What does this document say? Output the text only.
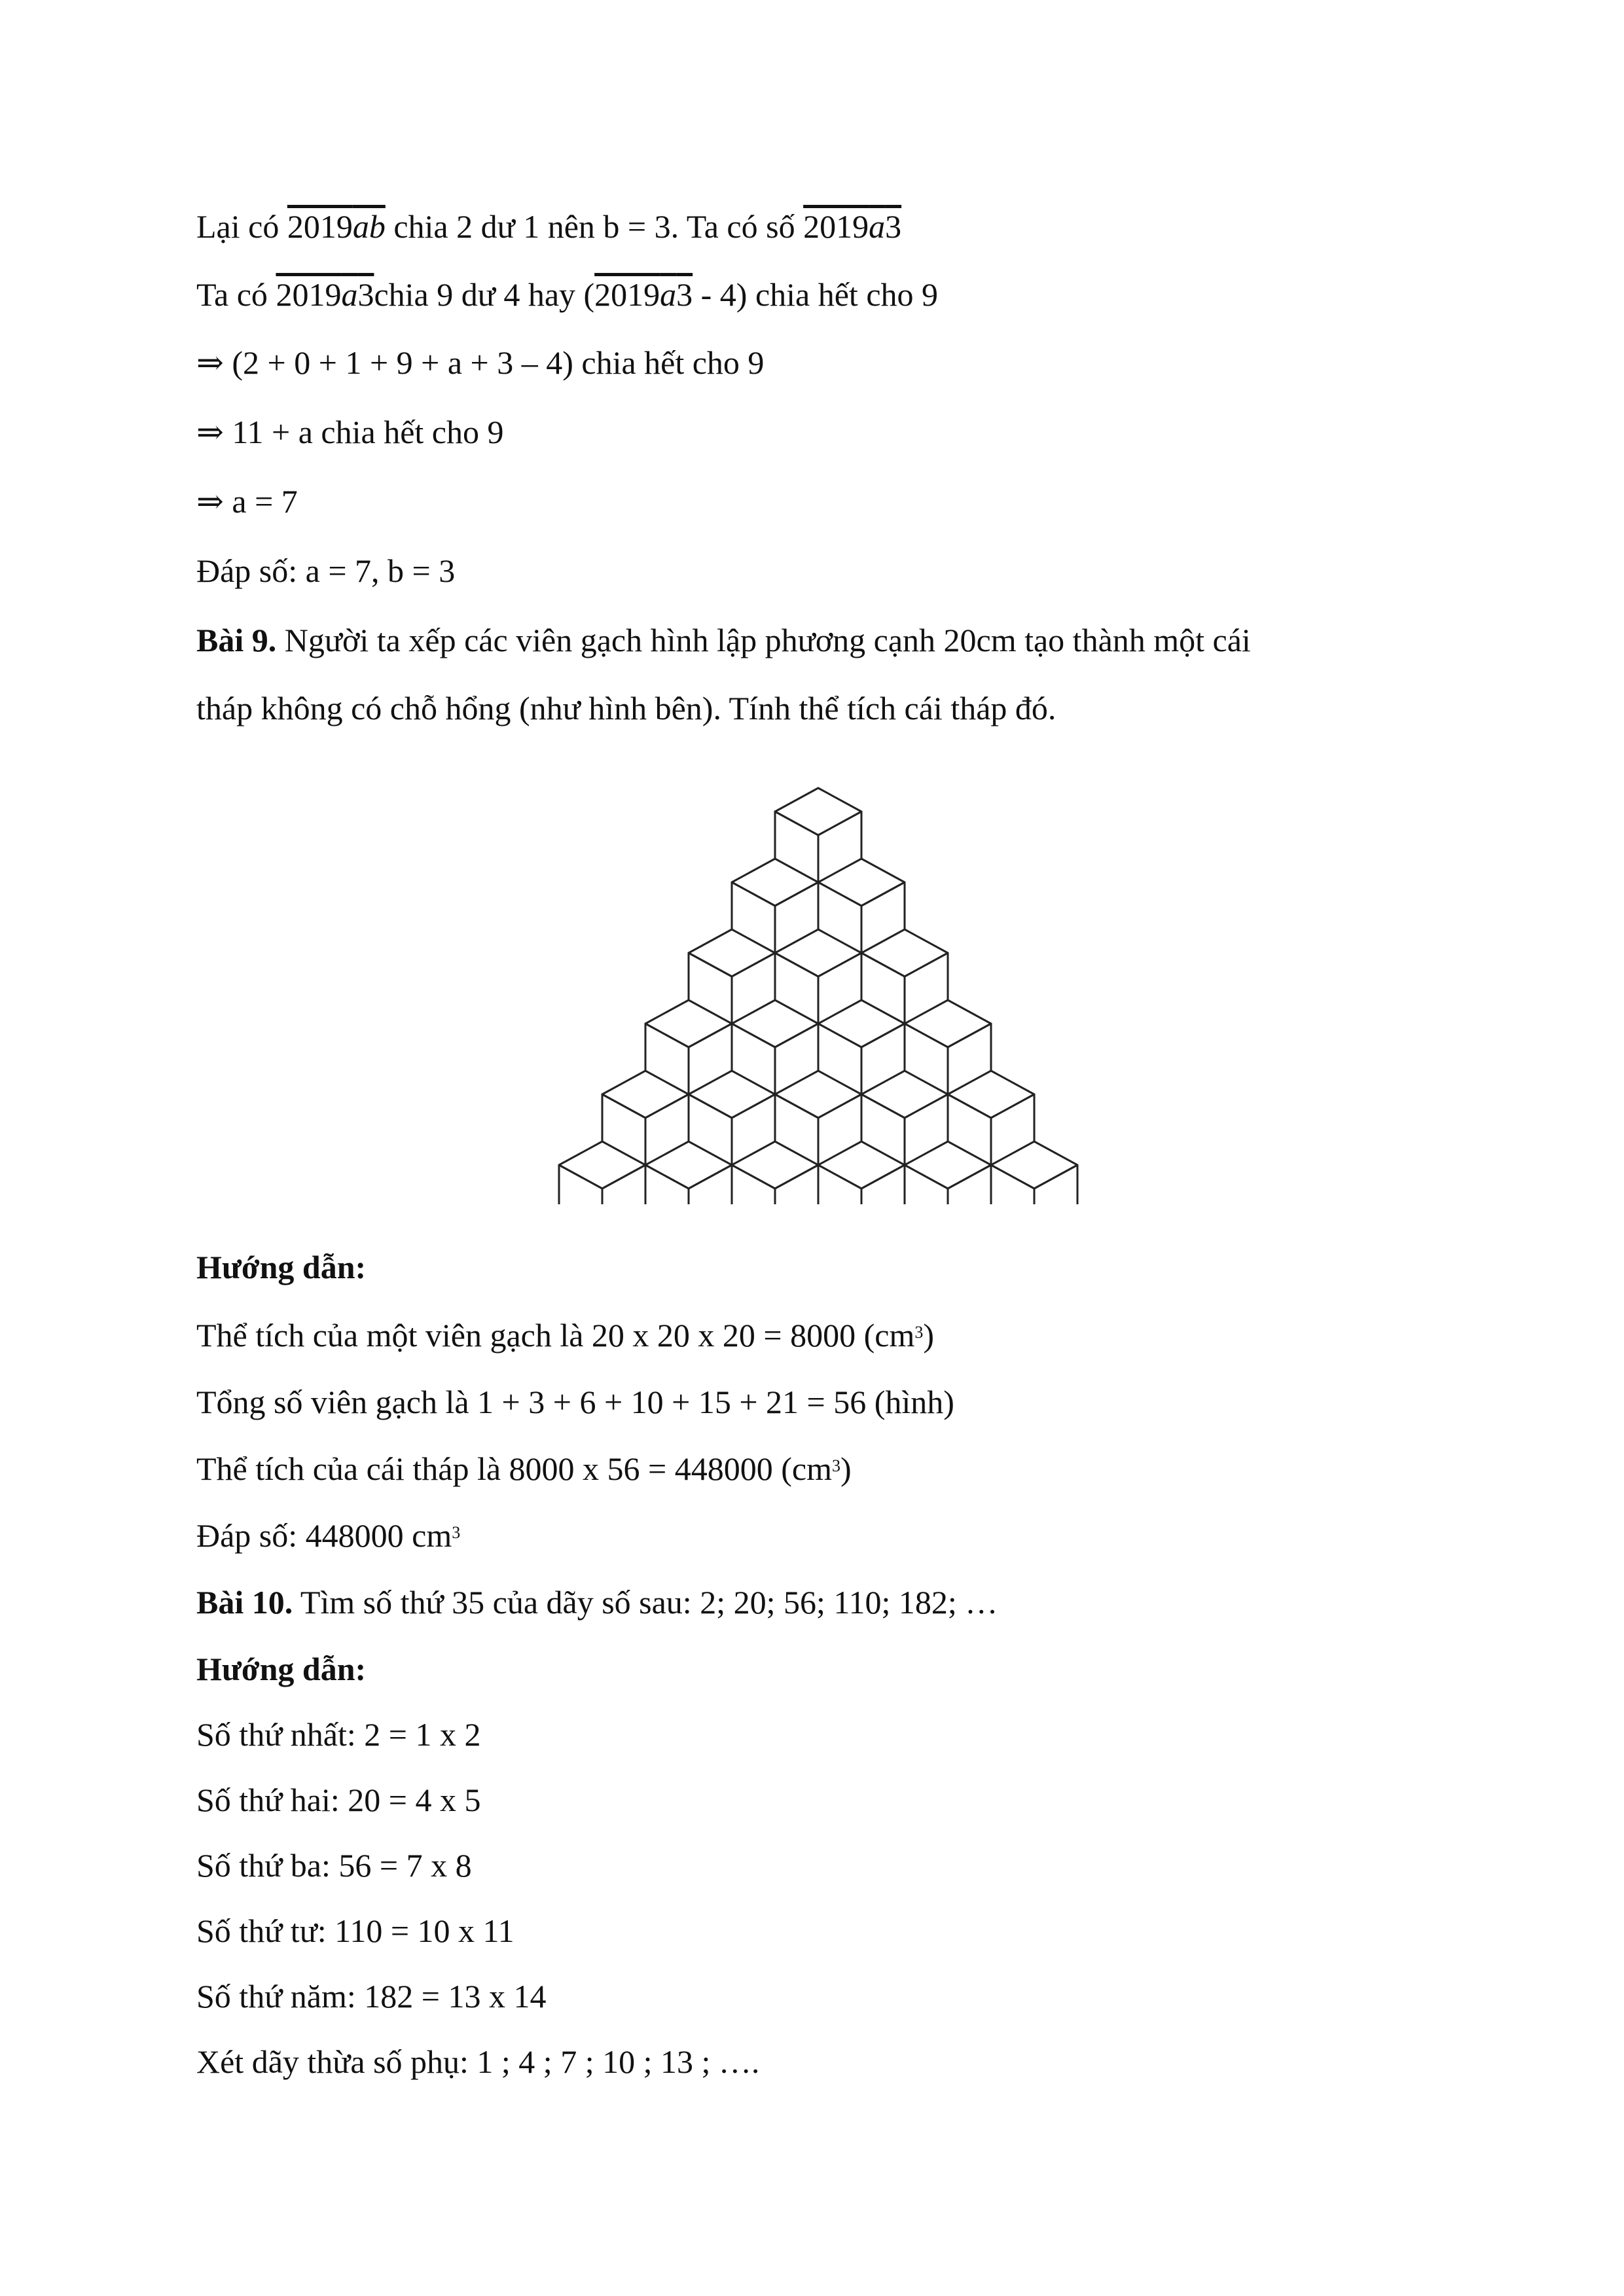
Lại có 2019ab chia 2 dư 1 nên b = 3. Ta có số 2019a3
Ta có 2019a3chia 9 dư 4 hay (2019a3 - 4) chia hết cho 9
⇒ (2 + 0 + 1 + 9 + a + 3 – 4) chia hết cho 9
⇒ 11 + a chia hết cho 9
⇒ a = 7
Đáp số: a = 7, b = 3
Bài 9. Người ta xếp các viên gạch hình lập phương cạnh 20cm tạo thành một cái
tháp không có chỗ hổng (như hình bên). Tính thể tích cái tháp đó.
Hướng dẫn:
Thể tích của một viên gạch là 20 x 20 x 20 = 8000 $(cm^3)$
Tổng số viên gạch là 1 + 3 + 6 + 10 + 15 + 21 = 56 (hình)
Thể tích của cái tháp là 8000 x 56 = 448000 $(cm^3)$
Đáp số: 448000 $cm^3$
Bài 10. Tìm số thứ 35 của dãy số sau: 2; 20; 56; 110; 182; …
Hướng dẫn:
Số thứ nhất: 2 = 1 x 2
Số thứ hai: 20 = 4 x 5
Số thứ ba: 56 = 7 x 8
Số thứ tư: 110 = 10 x 11
Số thứ năm: 182 = 13 x 14
Xét dãy thừa số phụ: 1 ; 4 ; 7 ; 10 ; 13 ; ….
